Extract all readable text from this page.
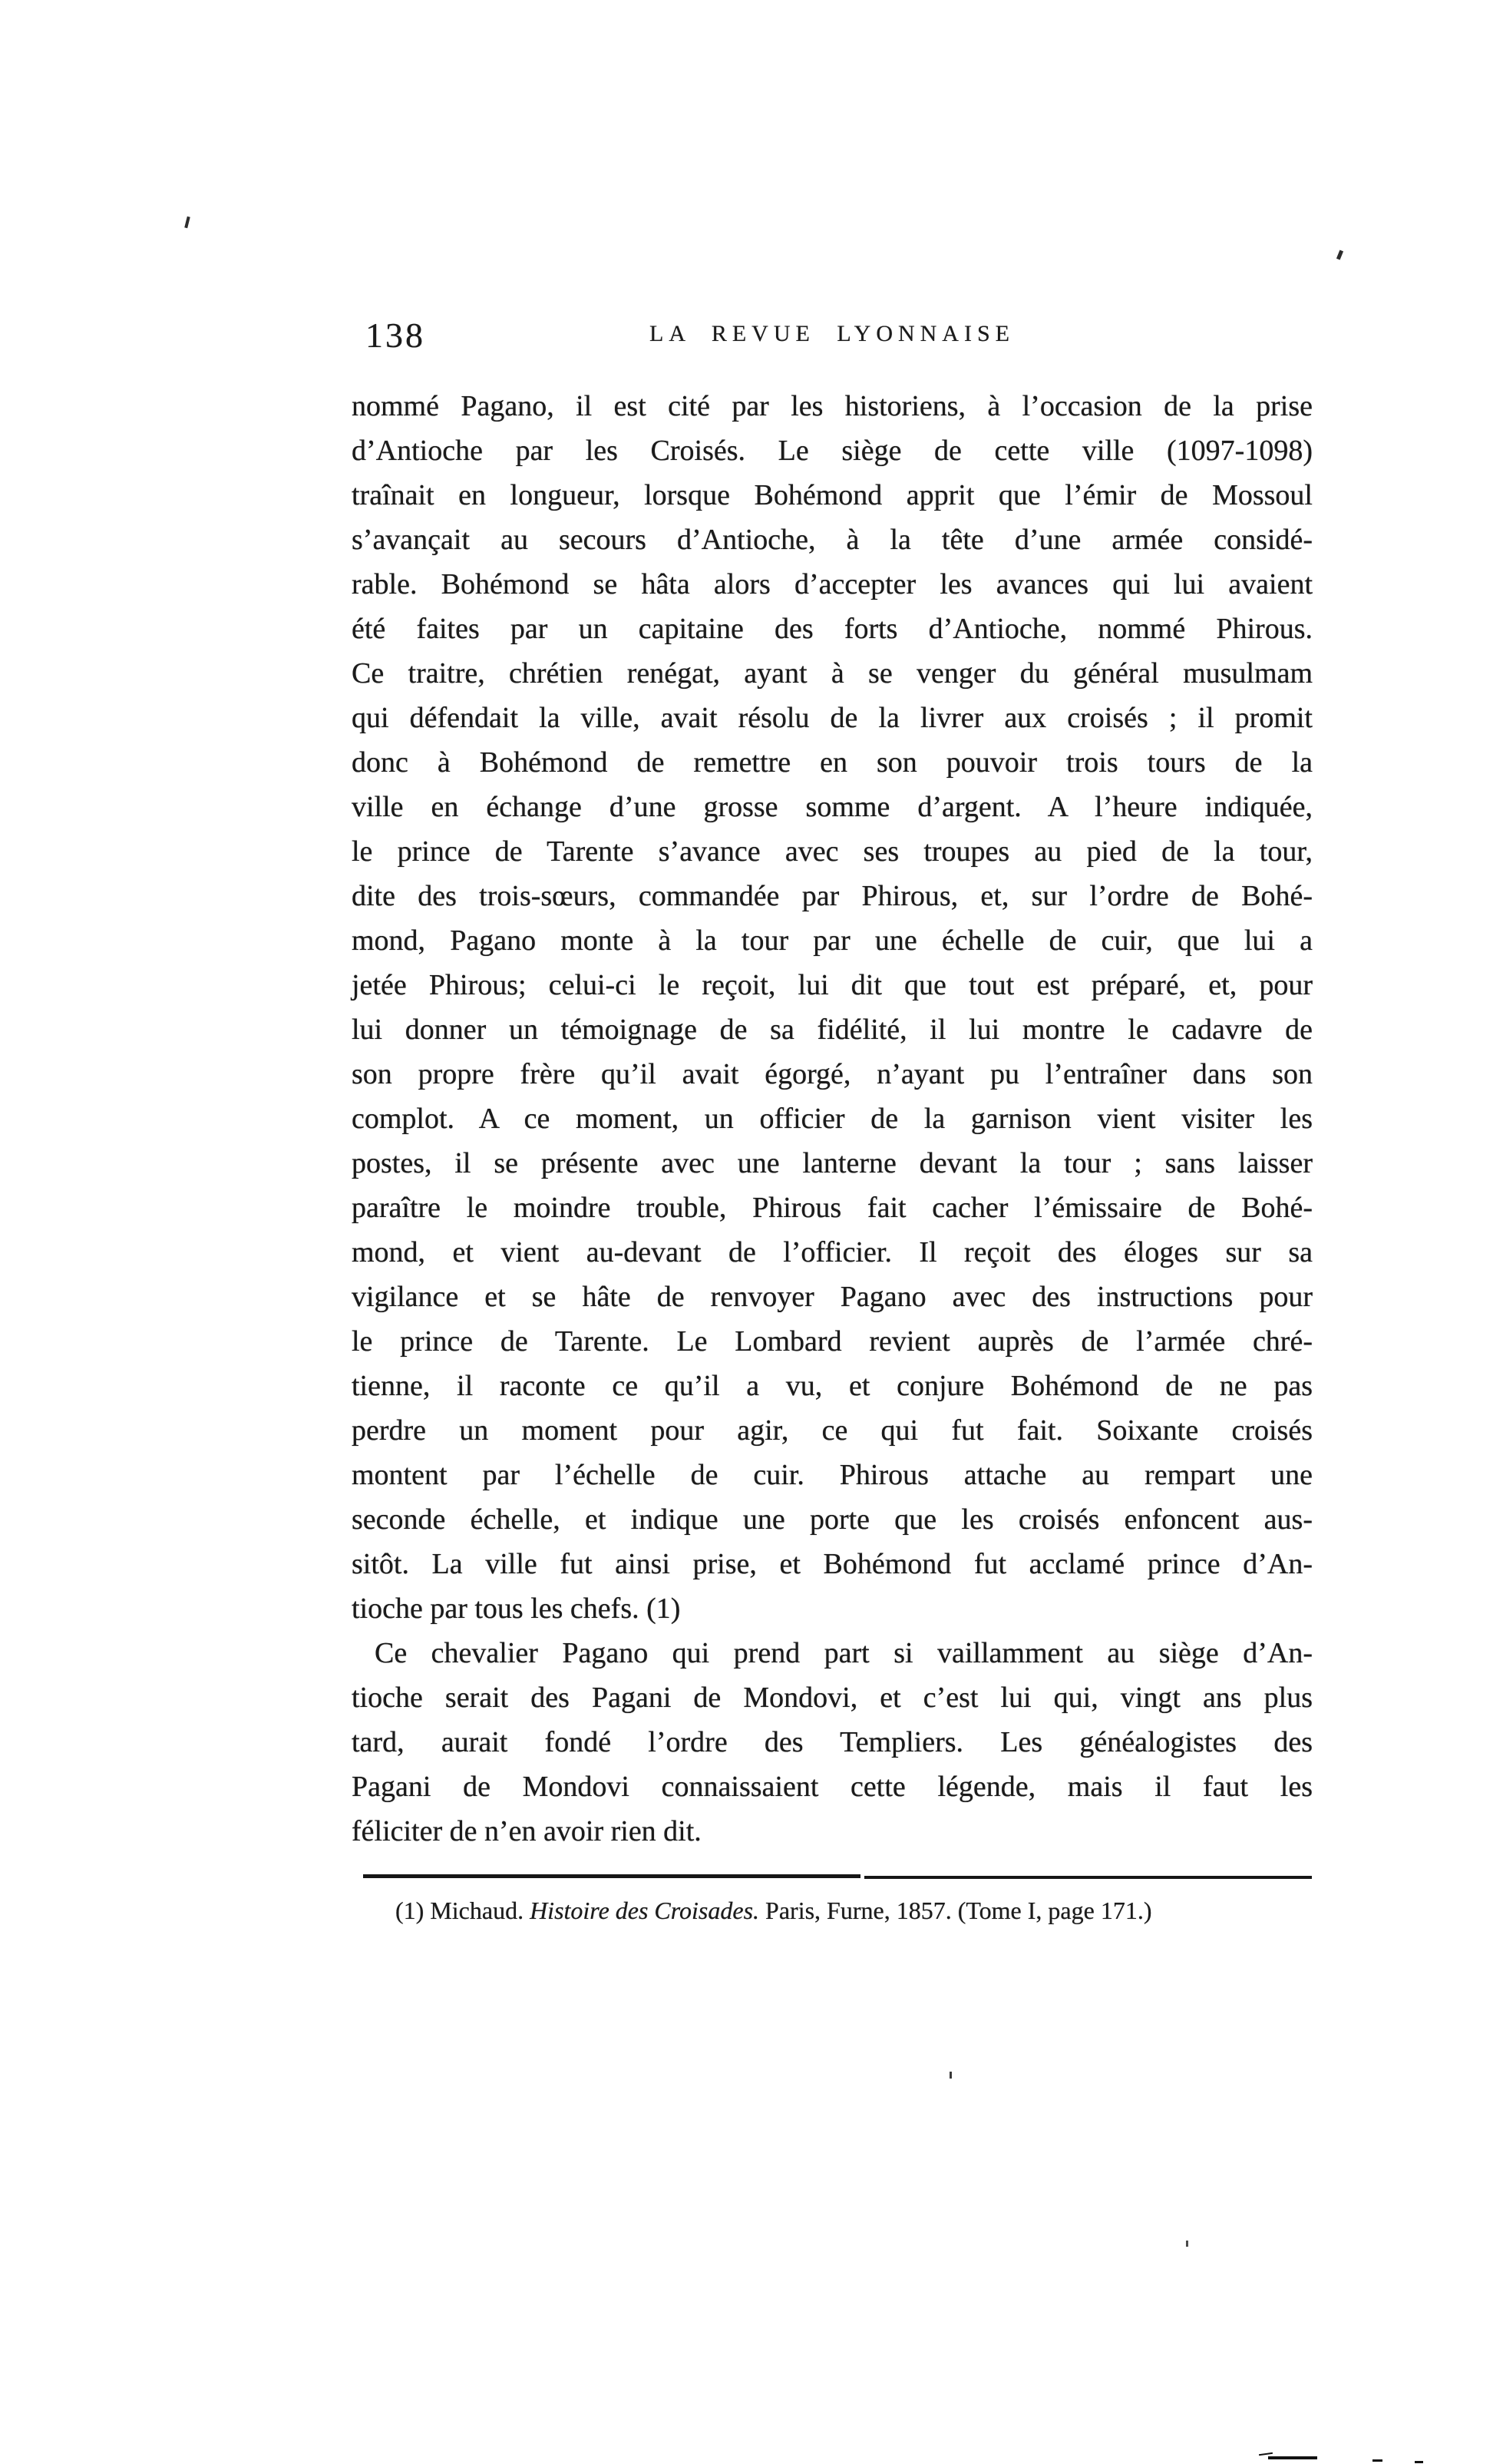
138	LA REVUE LYONNAISE
nommé Pagano, il est cité par les historiens, à l’occasion de la prise
d’Antioche par les Croisés. Le siège de cette ville (1097-1098)
traînait en longueur, lorsque Bohémond apprit que l’émir de Mossoul
s’avançait au secours d’Antioche, à la tête d’une armée considé-
rable. Bohémond se hâta alors d’accepter les avances qui lui avaient
été faites par un capitaine des forts d’Antioche, nommé Phirous.
Ce traitre, chrétien renégat, ayant à se venger du général musulmam
qui défendait la ville, avait résolu de la livrer aux croisés ; il promit
donc à Bohémond de remettre en son pouvoir trois tours de la
ville en échange d’une grosse somme d’argent. A l’heure indiquée,
le prince de Tarente s’avance avec ses troupes au pied de la tour,
dite des trois-sœurs, commandée par Phirous, et, sur l’ordre de Bohé-
mond, Pagano monte à la tour par une échelle de cuir, que lui a
jetée Phirous; celui-ci le reçoit, lui dit que tout est préparé, et, pour
lui donner un témoignage de sa fidélité, il lui montre le cadavre de
son propre frère qu’il avait égorgé, n’ayant pu l’entraîner dans son
complot. A ce moment, un officier de la garnison vient visiter les
postes, il se présente avec une lanterne devant la tour ; sans laisser
paraître le moindre trouble, Phirous fait cacher l’émissaire de Bohé-
mond, et vient au-devant de l’officier. Il reçoit des éloges sur sa
vigilance et se hâte de renvoyer Pagano avec des instructions pour
le prince de Tarente. Le Lombard revient auprès de l’armée chré-
tienne, il raconte ce qu’il a vu, et conjure Bohémond de ne pas
perdre un moment pour agir, ce qui fut fait. Soixante croisés
montent par l’échelle de cuir. Phirous attache au rempart une
seconde échelle, et indique une porte que les croisés enfoncent aus-
sitôt. La ville fut ainsi prise, et Bohémond fut acclamé prince d’An-
tioche par tous les chefs. (1)
Ce chevalier Pagano qui prend part si vaillamment au siège d’An-
tioche serait des Pagani de Mondovi, et c’est lui qui, vingt ans plus
tard, aurait fondé l’ordre des Templiers. Les généalogistes des
Pagani de Mondovi connaissaient cette légende, mais il faut les
féliciter de n’en avoir rien dit.

(1) Michaud. Histoire des Croisades. Paris, Furne, 1857. (Tome I, page 171.)
